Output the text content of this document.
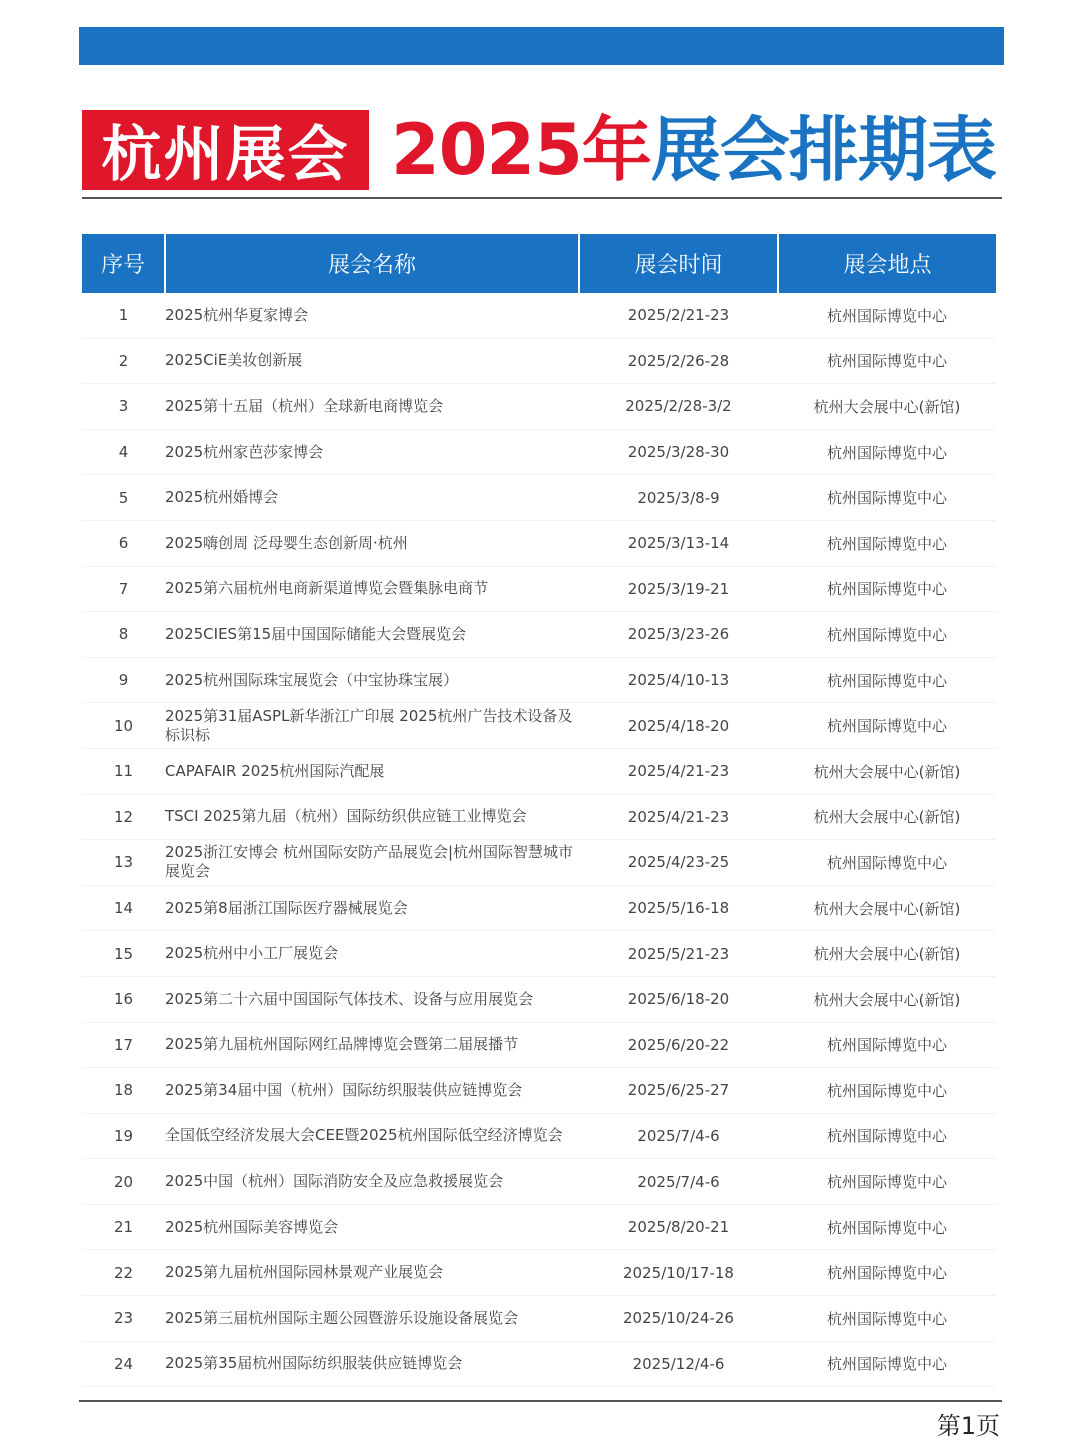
杭州展会 2025年 展会排期表
序号	展会名称	展会时间	展会地点
1	2025杭州华夏家博会	2025/2/21-23	杭州国际博览中心
2	2025CiE美妆创新展	2025/2/26-28	杭州国际博览中心
3	2025第十五届（杭州）全球新电商博览会	2025/2/28-3/2	杭州大会展中心(新馆)
4	2025杭州家芭莎家博会	2025/3/28-30	杭州国际博览中心
5	2025杭州婚博会	2025/3/8-9	杭州国际博览中心
6	2025嗨创周 泛母婴生态创新周·杭州	2025/3/13-14	杭州国际博览中心
7	2025第六届杭州电商新渠道博览会暨集脉电商节	2025/3/19-21	杭州国际博览中心
8	2025CIES第15届中国国际储能大会暨展览会	2025/3/23-26	杭州国际博览中心
9	2025杭州国际珠宝展览会（中宝协珠宝展）	2025/4/10-13	杭州国际博览中心
10	2025第31届ASPL新华浙江广印展 2025杭州广告技术设备及标识标	2025/4/18-20	杭州国际博览中心
11	CAPAFAIR 2025杭州国际汽配展	2025/4/21-23	杭州大会展中心(新馆)
12	TSCI 2025第九届（杭州）国际纺织供应链工业博览会	2025/4/21-23	杭州大会展中心(新馆)
13	2025浙江安博会 杭州国际安防产品展览会|杭州国际智慧城市展览会	2025/4/23-25	杭州国际博览中心
14	2025第8届浙江国际医疗器械展览会	2025/5/16-18	杭州大会展中心(新馆)
15	2025杭州中小工厂展览会	2025/5/21-23	杭州大会展中心(新馆)
16	2025第二十六届中国国际气体技术、设备与应用展览会	2025/6/18-20	杭州大会展中心(新馆)
17	2025第九届杭州国际网红品牌博览会暨第二届展播节	2025/6/20-22	杭州国际博览中心
18	2025第34届中国（杭州）国际纺织服装供应链博览会	2025/6/25-27	杭州国际博览中心
19	全国低空经济发展大会CEE暨2025杭州国际低空经济博览会	2025/7/4-6	杭州国际博览中心
20	2025中国（杭州）国际消防安全及应急救援展览会	2025/7/4-6	杭州国际博览中心
21	2025杭州国际美容博览会	2025/8/20-21	杭州国际博览中心
22	2025第九届杭州国际园林景观产业展览会	2025/10/17-18	杭州国际博览中心
23	2025第三届杭州国际主题公园暨游乐设施设备展览会	2025/10/24-26	杭州国际博览中心
24	2025第35届杭州国际纺织服装供应链博览会	2025/12/4-6	杭州国际博览中心
第1页
